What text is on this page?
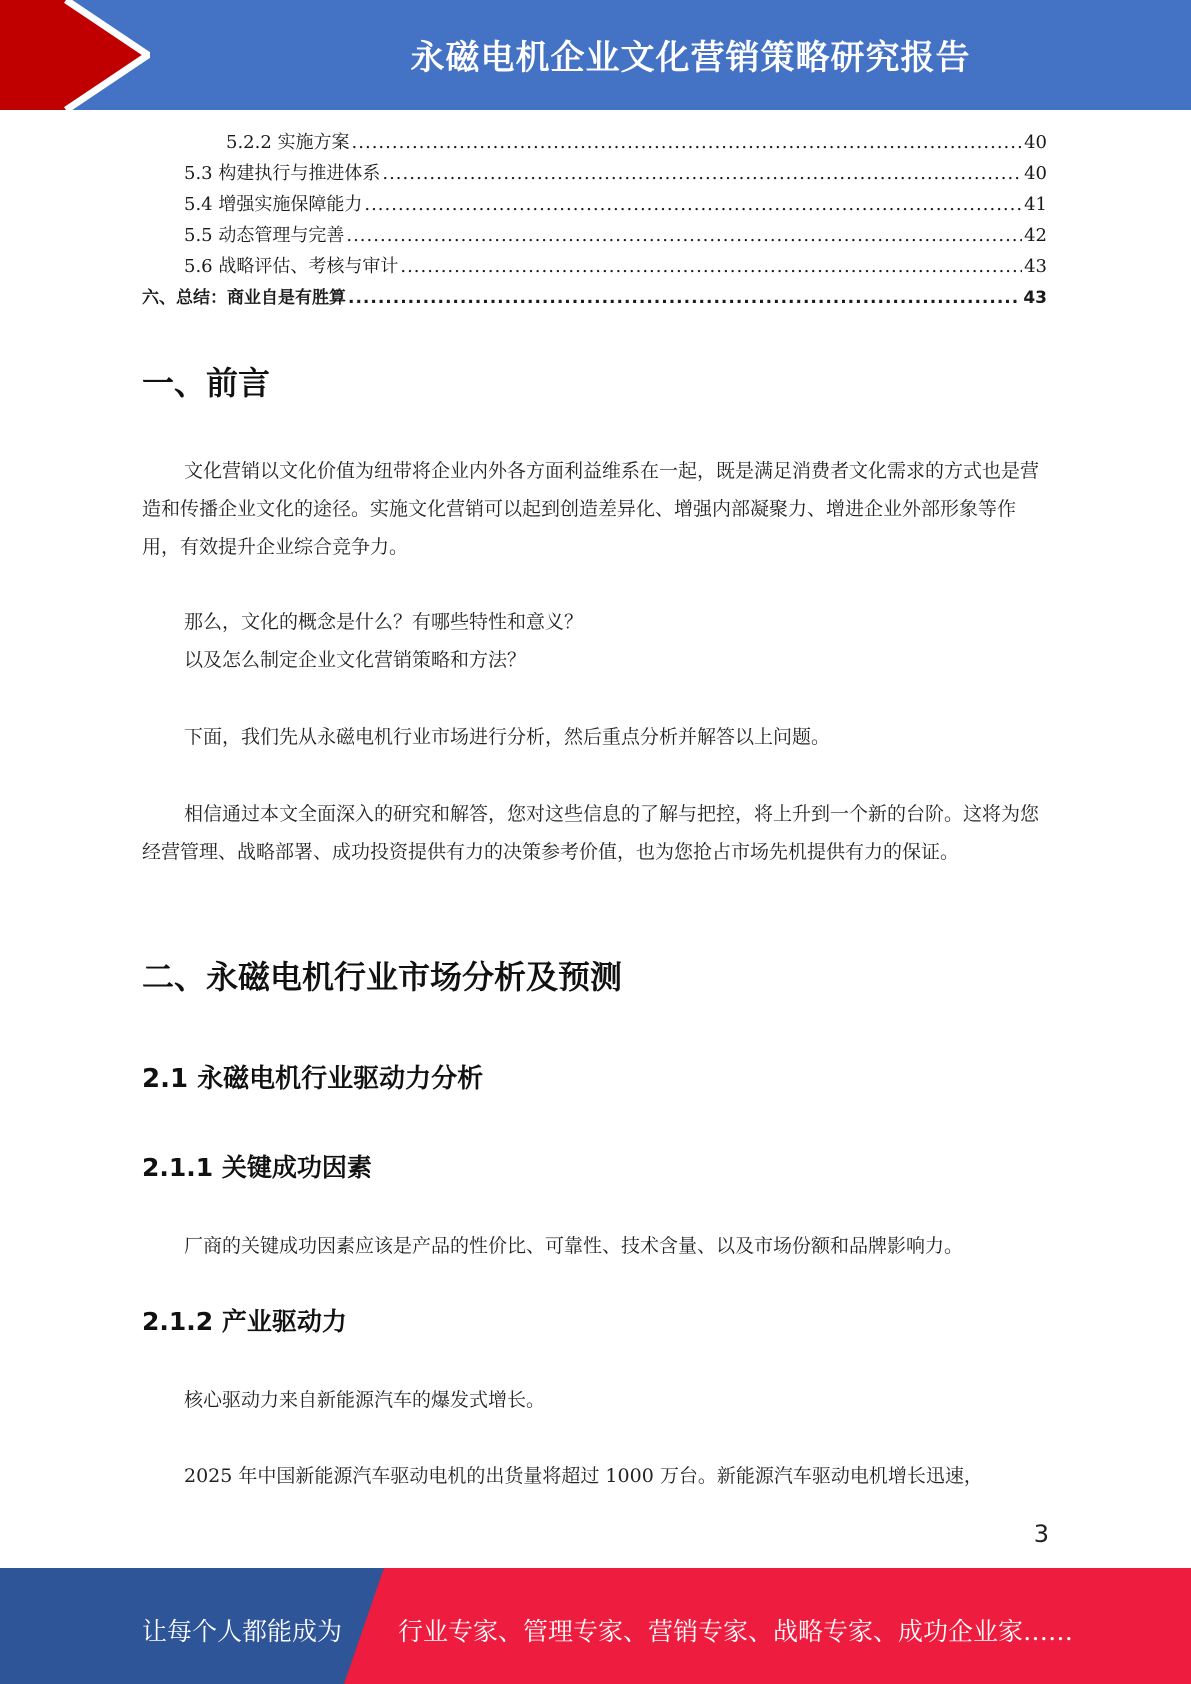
永磁电机企业文化营销策略研究报告
5.2.2 实施方案 .....	40
5.3 构建执行与推进体系 .....	40
5.4 增强实施保障能力 .....	41
5.5 动态管理与完善 .....	42
5.6 战略评估、考核与审计 .....	43
六、总结：商业自是有胜算 .....	43
一、前言
文化营销以文化价值为纽带将企业内外各方面利益维系在一起，既是满足消费者文化需求的方式也是营造和传播企业文化的途径。实施文化营销可以起到创造差异化、增强内部凝聚力、增进企业外部形象等作用，有效提升企业综合竞争力。
那么，文化的概念是什么？有哪些特性和意义？
以及怎么制定企业文化营销策略和方法？
下面，我们先从永磁电机行业市场进行分析，然后重点分析并解答以上问题。
相信通过本文全面深入的研究和解答，您对这些信息的了解与把控，将上升到一个新的台阶。这将为您经营管理、战略部署、成功投资提供有力的决策参考价值，也为您抢占市场先机提供有力的保证。
二、永磁电机行业市场分析及预测
2.1 永磁电机行业驱动力分析
2.1.1 关键成功因素
厂商的关键成功因素应该是产品的性价比、可靠性、技术含量、以及市场份额和品牌影响力。
2.1.2 产业驱动力
核心驱动力来自新能源汽车的爆发式增长。
2025 年中国新能源汽车驱动电机的出货量将超过 1000 万台。新能源汽车驱动电机增长迅速，
3
让每个人都能成为 行业专家、管理专家、营销专家、战略专家、成功企业家……
